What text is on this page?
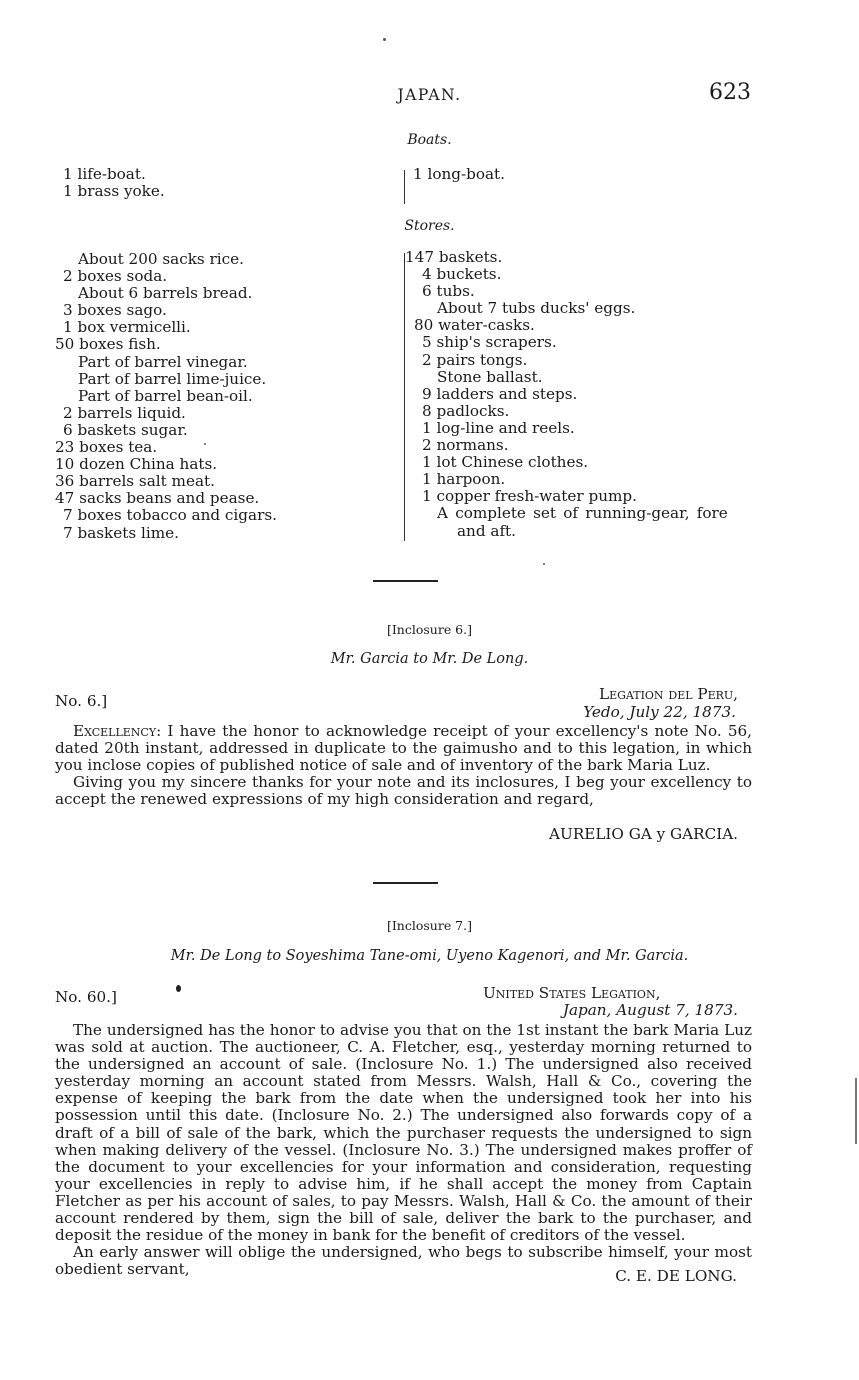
JAPAN.	623
Boats.
1 life-boat.
1 brass yoke.
1 long-boat.
Stores.
About 200 sacks rice.
2 boxes soda.
About 6 barrels bread.
3 boxes sago.
1 box vermicelli.
50 boxes fish.
Part of barrel vinegar.
Part of barrel lime-juice.
Part of barrel bean-oil.
2 barrels liquid.
6 baskets sugar.
23 boxes tea.
10 dozen China hats.
36 barrels salt meat.
47 sacks beans and pease.
7 boxes tobacco and cigars.
7 baskets lime.
147 baskets.
4 buckets.
6 tubs.
About 7 tubs ducks' eggs.
80 water-casks.
5 ship's scrapers.
2 pairs tongs.
Stone ballast.
9 ladders and steps.
8 padlocks.
1 log-line and reels.
2 normans.
1 lot Chinese clothes.
1 harpoon.
1 copper fresh-water pump.
A complete set of running-gear, fore
and aft.
[Inclosure 6.]
Mr. Garcia to Mr. De Long.
No. 6.]	Legation del Peru,
Yedo, July 22, 1873.

Excellency: I have the honor to acknowledge receipt of your excellency's note No. 56, dated 20th instant, addressed in duplicate to the gaimusho and to this legation, in which you inclose copies of published notice of sale and of inventory of the bark Maria Luz.

Giving you my sincere thanks for your note and its inclosures, I beg your excellency to accept the renewed expressions of my high consideration and regard,

AURELIO GA y GARCIA.
[Inclosure 7.]
Mr. De Long to Soyeshima Tane-omi, Uyeno Kagenori, and Mr. Garcia.
No. 60.]	United States Legation,
Japan, August 7, 1873.

The undersigned has the honor to advise you that on the 1st instant the bark Maria Luz was sold at auction. The auctioneer, C. A. Fletcher, esq., yesterday morning returned to the undersigned an account of sale. (Inclosure No. 1.) The undersigned also received yesterday morning an account stated from Messrs. Walsh, Hall & Co., covering the expense of keeping the bark from the date when the undersigned took her into his possession until this date. (Inclosure No. 2.) The undersigned also forwards copy of a draft of a bill of sale of the bark, which the purchaser requests the undersigned to sign when making delivery of the vessel. (Inclosure No. 3.) The undersigned makes proffer of the document to your excellencies for your information and consideration, requesting your excellencies in reply to advise him, if he shall accept the money from Captain Fletcher as per his account of sales, to pay Messrs. Walsh, Hall & Co. the amount of their account rendered by them, sign the bill of sale, deliver the bark to the purchaser, and deposit the residue of the money in bank for the benefit of creditors of the vessel.

An early answer will oblige the undersigned, who begs to subscribe himself, your most obedient servant,	C. E. DE LONG.
